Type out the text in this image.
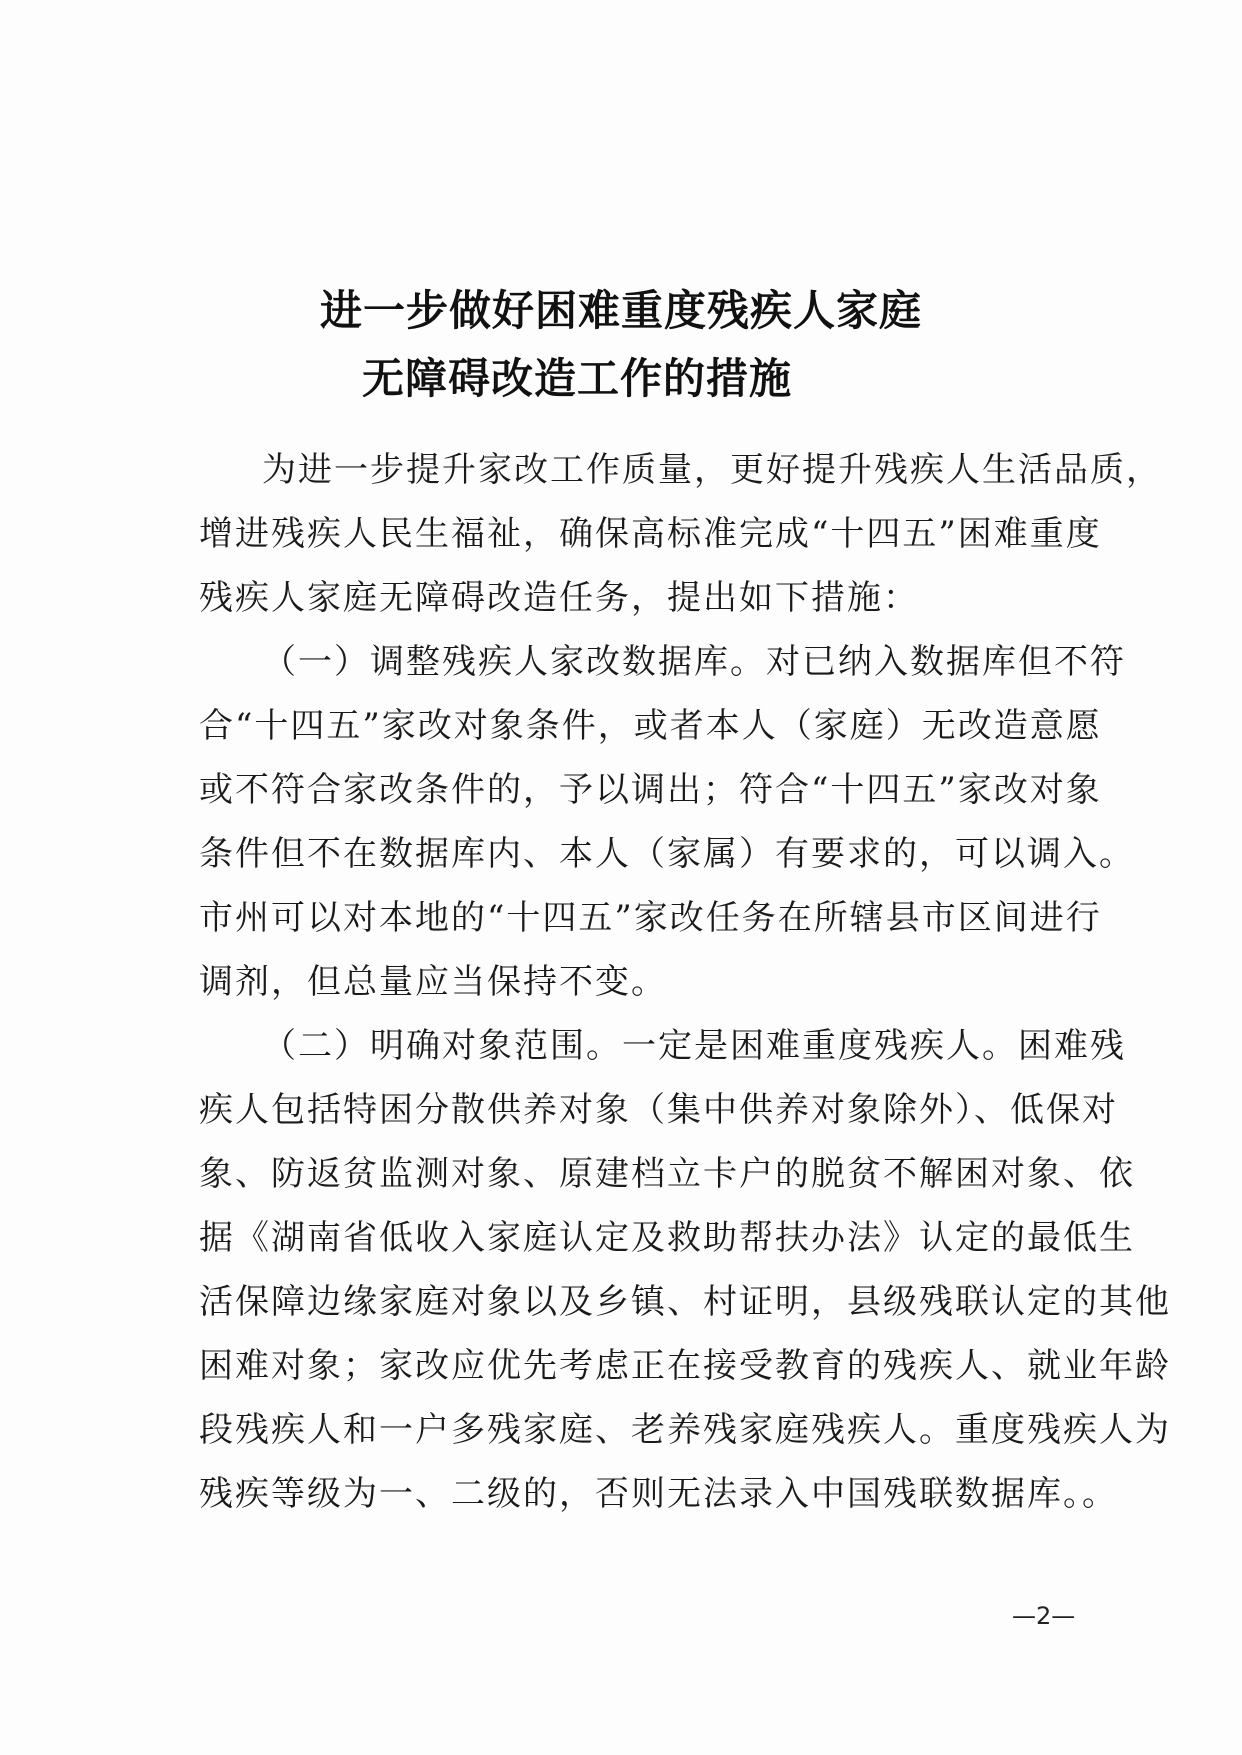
进一步做好困难重度残疾人家庭
无障碍改造工作的措施
为进一步提升家改工作质量，更好提升残疾人生活品质，
增进残疾人民生福祉，确保高标准完成“十四五”困难重度
残疾人家庭无障碍改造任务，提出如下措施：
（一）调整残疾人家改数据库。对已纳入数据库但不符
合“十四五”家改对象条件，或者本人（家庭）无改造意愿
或不符合家改条件的，予以调出；符合“十四五”家改对象
条件但不在数据库内、本人（家属）有要求的，可以调入。
市州可以对本地的“十四五”家改任务在所辖县市区间进行
调剂，但总量应当保持不变。
（二）明确对象范围。一定是困难重度残疾人。困难残
疾人包括特困分散供养对象（集中供养对象除外）、低保对
象、防返贫监测对象、原建档立卡户的脱贫不解困对象、依
据《湖南省低收入家庭认定及救助帮扶办法》认定的最低生
活保障边缘家庭对象以及乡镇、村证明，县级残联认定的其他
困难对象；家改应优先考虑正在接受教育的残疾人、就业年龄
段残疾人和一户多残家庭、老养残家庭残疾人。重度残疾人为
残疾等级为一、二级的，否则无法录入中国残联数据库。。
—2—
